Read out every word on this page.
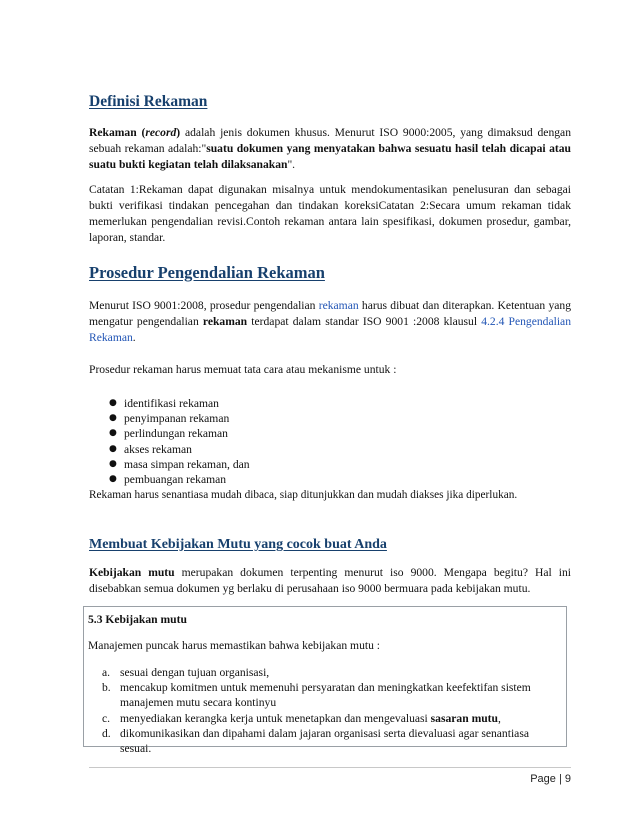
Definisi Rekaman
Rekaman (record) adalah jenis dokumen khusus. Menurut ISO 9000:2005, yang dimaksud dengan sebuah rekaman adalah:"suatu dokumen yang menyatakan bahwa sesuatu hasil telah dicapai atau suatu bukti kegiatan telah dilaksanakan".
Catatan 1:Rekaman dapat digunakan misalnya untuk mendokumentasikan penelusuran dan sebagai bukti verifikasi tindakan pencegahan dan tindakan koreksiCatatan 2:Secara umum rekaman tidak memerlukan pengendalian revisi.Contoh rekaman antara lain spesifikasi, dokumen prosedur, gambar, laporan, standar.
Prosedur Pengendalian Rekaman
Menurut ISO 9001:2008, prosedur pengendalian rekaman harus dibuat dan diterapkan. Ketentuan yang mengatur pengendalian rekaman terdapat dalam standar ISO 9001 :2008 klausul 4.2.4 Pengendalian Rekaman.
Prosedur rekaman harus memuat tata cara atau mekanisme untuk :
● identifikasi rekaman
● penyimpanan rekaman
● perlindungan rekaman
● akses rekaman
● masa simpan rekaman, dan
● pembuangan rekaman
Rekaman harus senantiasa mudah dibaca, siap ditunjukkan dan mudah diakses jika diperlukan.
Membuat Kebijakan Mutu yang cocok buat Anda
Kebijakan mutu merupakan dokumen terpenting menurut iso 9000. Mengapa begitu? Hal ini disebabkan semua dokumen yg berlaku di perusahaan iso 9000 bermuara pada kebijakan mutu.
5.3 Kebijakan mutu
Manajemen puncak harus memastikan bahwa kebijakan mutu :
a. sesuai dengan tujuan organisasi,
b. mencakup komitmen untuk memenuhi persyaratan dan meningkatkan keefektifan sistem manajemen mutu secara kontinyu
c. menyediakan kerangka kerja untuk menetapkan dan mengevaluasi sasaran mutu,
d. dikomunikasikan dan dipahami dalam jajaran organisasi serta dievaluasi agar senantiasa sesuai.
Page | 9
